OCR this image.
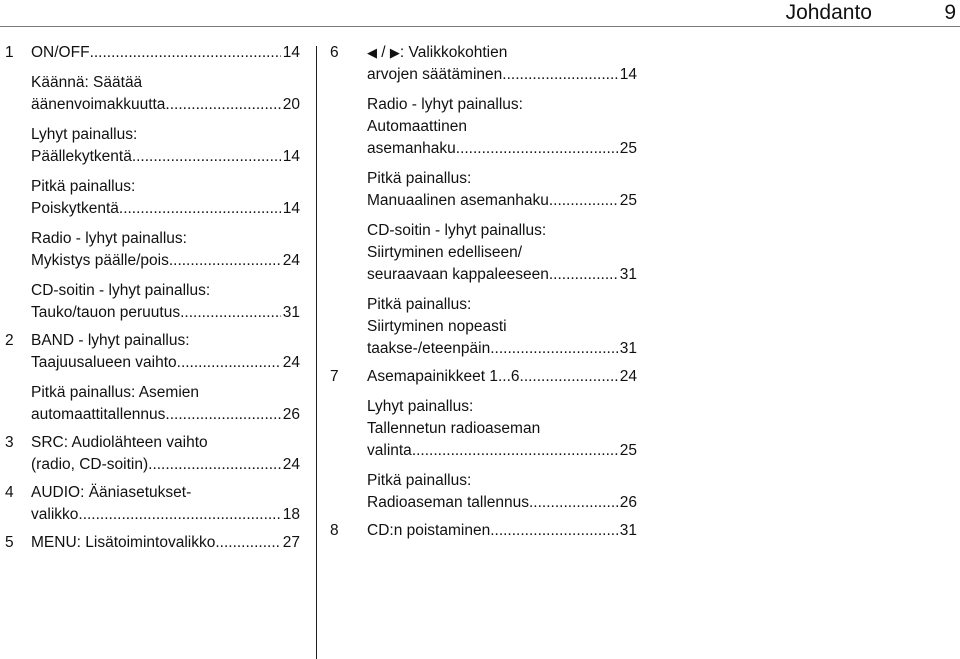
Johdanto	9
1 ON/OFF .....	14
Käännä: Säätää
äänenvoimakkuutta .....	20
Lyhyt painallus:
Päällekytkentä .....	14
Pitkä painallus:
Poiskytkentä .....	14
Radio - lyhyt painallus:
Mykistys päälle/pois .....	24
CD-soitin - lyhyt painallus:
Tauko/tauon peruutus .....	31
2 BAND - lyhyt painallus:
Taajuusalueen vaihto .....	24
Pitkä painallus: Asemien
automaattitallennus .....	26
3 SRC: Audiolähteen vaihto
(radio, CD-soitin) .....	24
4 AUDIO: Ääniasetukset-
valikko .....	18
5 MENU : Lisätoimintovalikko .....	27
6 ◀ / ▶: Valikkokohtien
arvojen säätäminen .....	14
Radio - lyhyt painallus:
Automaattinen
asemanhaku .....	25
Pitkä painallus:
Manuaalinen asemanhaku .....	25
CD-soitin - lyhyt painallus:
Siirtyminen edelliseen/
seuraavaan kappaleeseen .....	31
Pitkä painallus:
Siirtyminen nopeasti
taakse-/eteenpäin .....	31
7 Asemapainikkeet 1...6 .....	24
Lyhyt painallus:
Tallennetun radioaseman
valinta .....	25
Pitkä painallus:
Radioaseman tallennus .....	26
8 CD:n poistaminen .....	31
